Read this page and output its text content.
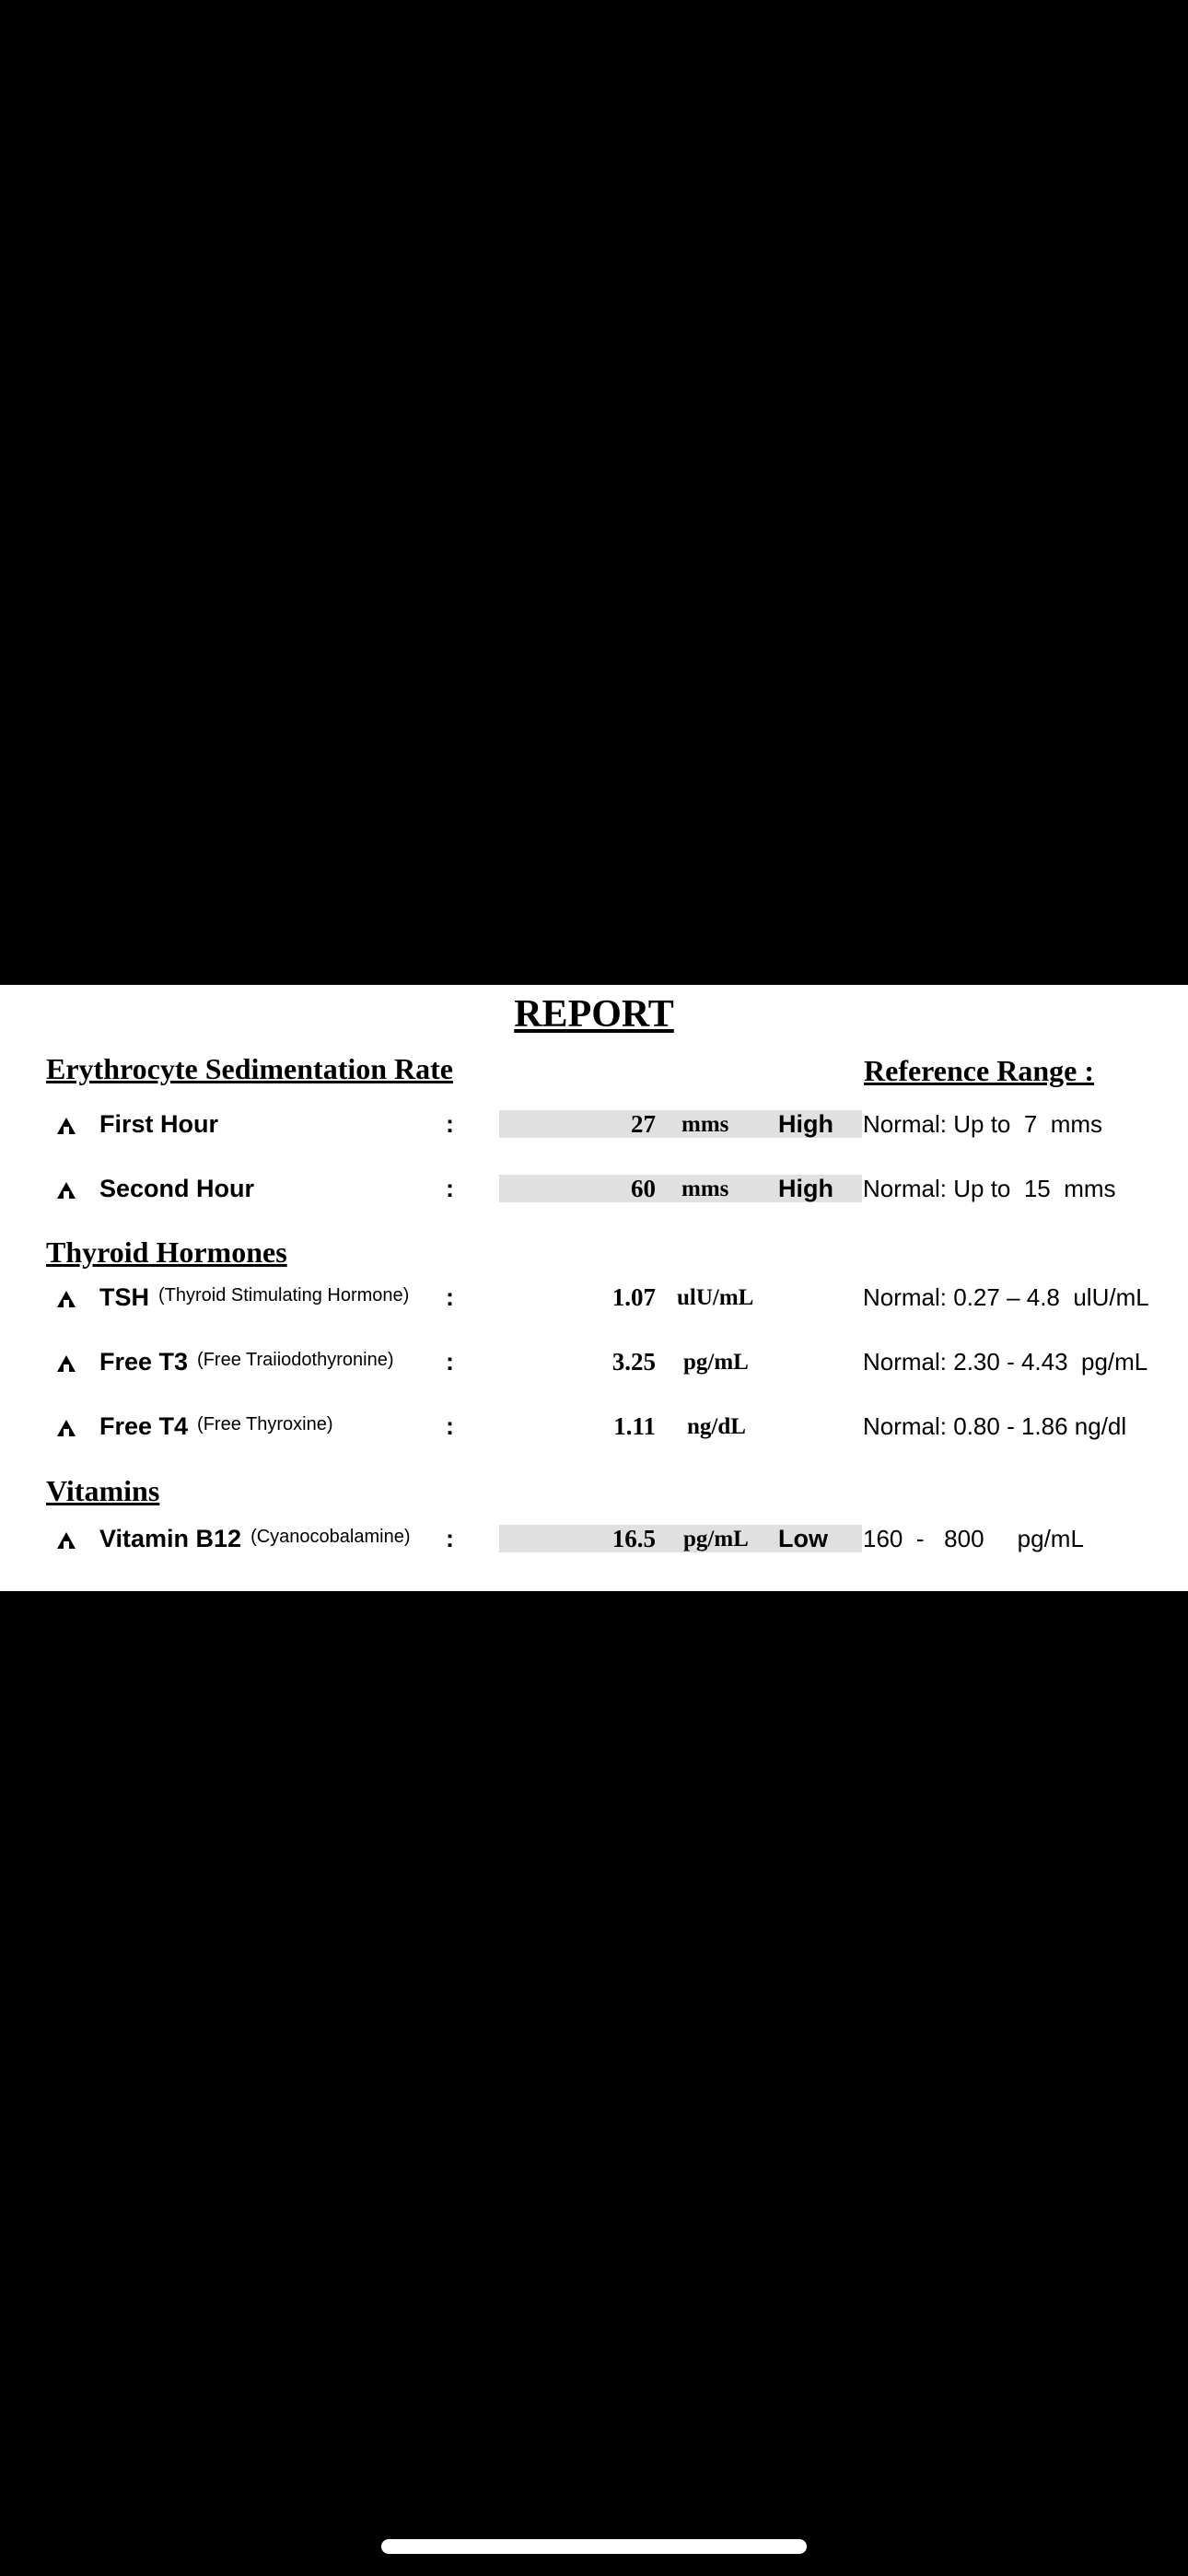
REPORT
Reference Range :
Erythrocyte Sedimentation Rate
First Hour	:	27 mms High Normal: Up to  7  mms
Second Hour	:	60 mms High Normal: Up to  15  mms
Thyroid Hormones
TSH (Thyroid Stimulating Hormone) :	1.07 ulU/mL	Normal: 0.27 – 4.8  ulU/mL
Free T3 (Free Traiiodothyronine) :	3.25 pg/mL	Normal: 2.30 - 4.43  pg/mL
Free T4 (Free Thyroxine)	:	1.11 ng/dL	Normal: 0.80 - 1.86 ng/dl
Vitamins
Vitamin B12 (Cyanocobalamine) :	16.5 pg/mL Low 160  -   800     pg/mL
